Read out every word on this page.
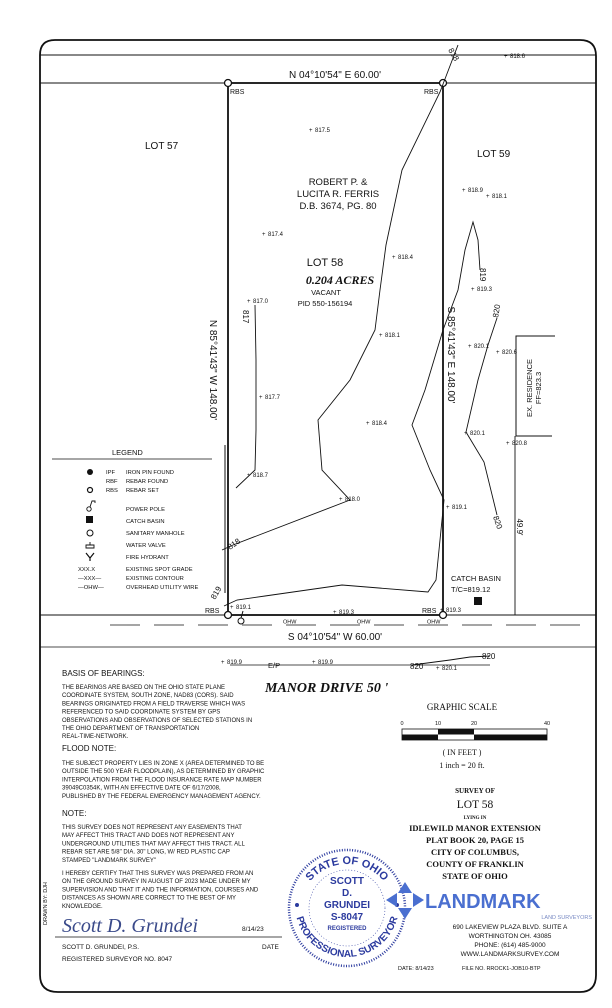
LOT 57
LOT 59
ROBERT P. &
LUCITA R. FERRIS
D.B. 3674, PG. 80
LOT 58
0.204 ACRES
VACANT
PID 550-156194
N 04°10'54" E 60.00'
S 04°10'54" W 60.00'
N 85°41'43" W 148.00'	S 85°41'43" E 148.00'
49.9'
EX. RESIDENCE FF=823.3
RBS	RBS
RBS	RBS
OHW	OHW	OHW
E/P
CATCH BASIN
T/C=819.12
MANOR DRIVE 50 '
818
817
818
819
819
820
820
820
820
818.6
+
817.5
+
818.9
+
818.1
+
817.4
+
818.4
+
819.3
+
817.0
+
818.1
+
820.1
+
820.6
+
817.7
+
818.4
+
820.1
+
820.8
+
818.7
+
818.0
+
819.1
+
819.1
+
819.3
+	819.3
+
819.9
+	819.9
+
820.1
+
LEGEND
IPF IRON PIN FOUND
RBF REBAR FOUND
RBS REBAR SET
POWER POLE
CATCH BASIN
SANITARY MANHOLE
WATER VALVE
FIRE HYDRANT
XXX.X	EXISTING SPOT GRADE
—XXX—	EXISTING CONTOUR
—OHW—	OVERHEAD UTILITY WIRE
BASIS OF BEARINGS:
THE BEARINGS ARE BASED ON THE OHIO STATE PLANE
COORDINATE SYSTEM, SOUTH ZONE, NAD83 (CORS). SAID
BEARINGS ORIGINATED FROM A FIELD TRAVERSE WHICH WAS
REFERENCED TO SAID COORDINATE SYSTEM BY GPS
OBSERVATIONS AND OBSERVATIONS OF SELECTED STATIONS IN
THE OHIO DEPARTMENT OF TRANSPORTATION
REAL-TIME-NETWORK.
FLOOD NOTE:
THE SUBJECT PROPERTY LIES IN ZONE X (AREA DETERMINED TO BE
OUTSIDE THE 500 YEAR FLOODPLAIN), AS DETERMINED BY GRAPHIC
INTERPOLATION FROM THE FLOOD INSURANCE RATE MAP NUMBER
39049C0354K, WITH AN EFFECTIVE DATE OF 6/17/2008,
PUBLISHED BY THE FEDERAL EMERGENCY MANAGEMENT AGENCY.
NOTE:
THIS SURVEY DOES NOT REPRESENT ANY EASEMENTS THAT
MAY AFFECT THIS TRACT AND DOES NOT REPRESENT ANY
UNDERGROUND UTILITIES THAT MAY AFFECT THIS TRACT. ALL
REBAR SET ARE 5/8" DIA. 30" LONG, W/ RED PLASTIC CAP
STAMPED "LANDMARK SURVEY"
I HEREBY CERTIFY THAT THIS SURVEY WAS PREPARED FROM AN
ON THE GROUND SURVEY IN AUGUST OF 2023 MADE UNDER MY
SUPERVISION AND THAT IT AND THE INFORMATION, COURSES AND
DISTANCES AS SHOWN ARE CORRECT TO THE BEST OF MY
KNOWLEDGE.
DRAWN BY: DJH
Scott D. Grundei	8/14/23
SCOTT D. GRUNDEI, P.S.	DATE
REGISTERED SURVEYOR NO. 8047
STATE OF OHIO
PROFESSIONAL SURVEYOR
SCOTT
D.
GRUNDEI
S-8047
REGISTERED
GRAPHIC SCALE
0	10	20	40
( IN FEET )
1 inch = 20 ft.
SURVEY OF
LOT 58
LYING IN
IDLEWILD MANOR EXTENSION
PLAT BOOK 20, PAGE 15
CITY OF COLUMBUS,
COUNTY OF FRANKLIN
STATE OF OHIO
LANDMARK
LAND SURVEYORS
690 LAKEVIEW PLAZA BLVD. SUITE A
WORTHINGTON OH. 43085
PHONE: (614) 485-9000
WWW.LANDMARKSURVEY.COM
DATE: 8/14/23	FILE NO. RROCK1-JOB10-BTP
